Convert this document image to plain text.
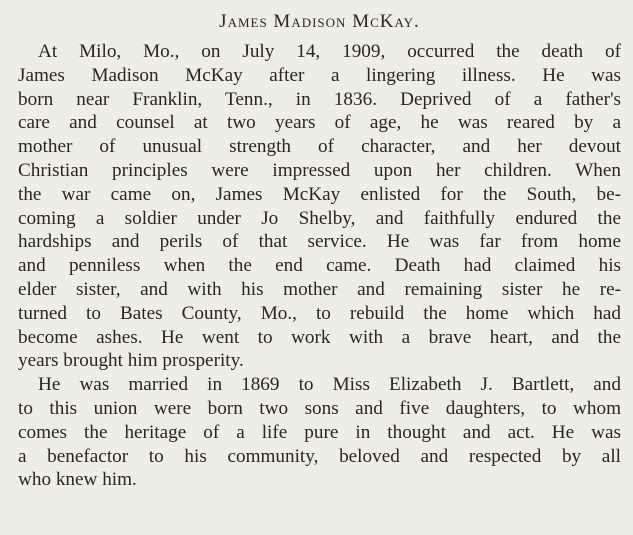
James Madison McKay.

At Milo, Mo., on July 14, 1909, occurred the death of
James Madison McKay after a lingering illness. He was
born near Franklin, Tenn., in 1836. Deprived of a father's
care and counsel at two years of age, he was reared by a
mother of unusual strength of character, and her devout
Christian principles were impressed upon her children. When
the war came on, James McKay enlisted for the South, be-
coming a soldier under Jo Shelby, and faithfully endured the
hardships and perils of that service. He was far from home
and penniless when the end came. Death had claimed his
elder sister, and with his mother and remaining sister he re-
turned to Bates County, Mo., to rebuild the home which had
become ashes. He went to work with a brave heart, and the
years brought him prosperity.

He was married in 1869 to Miss Elizabeth J. Bartlett, and
to this union were born two sons and five daughters, to whom
comes the heritage of a life pure in thought and act. He was
a benefactor to his community, beloved and respected by all
who knew him.
